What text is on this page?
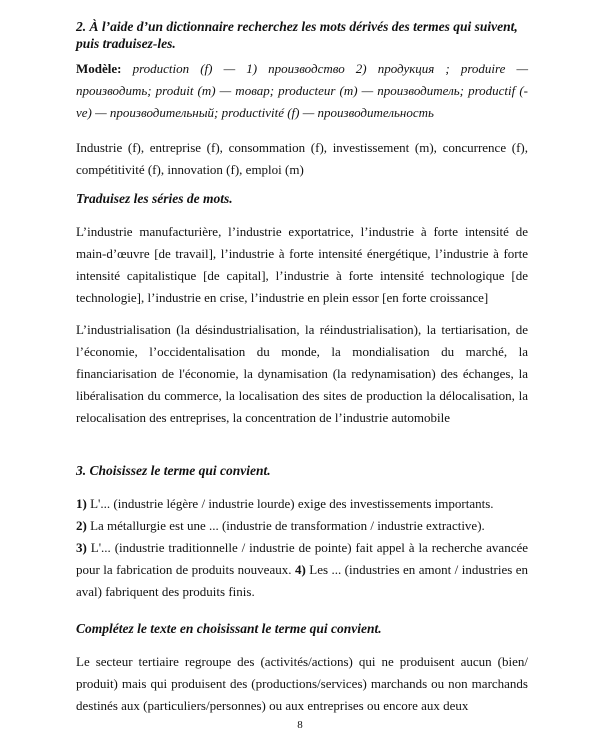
2. À l’aide d’un dictionnaire recherchez les mots dérivés des termes qui suivent, puis traduisez-les.
Modèle: production (f) — 1) производство 2) продукция ; produire — производить; produit (m) — товар; producteur (m) — производитель; productif (-ve) — производительный; productivité (f) — производительность
Industrie (f), entreprise (f), consommation (f), investissement (m), concurrence (f), compétitivité (f), innovation (f), emploi (m)
Traduisez les séries de mots.
L’industrie manufacturière, l’industrie exportatrice, l’industrie à forte intensité de main-d’œuvre [de travail], l’industrie à forte intensité énergétique, l’industrie à forte intensité capitalistique [de capital], l’industrie à forte intensité technologique [de technologie], l’industrie en crise, l’industrie en plein essor [en forte croissance]
L’industrialisation (la désindustrialisation, la réindustrialisation), la tertiarisation, de l’économie, l’occidentalisation du monde, la mondialisation du marché, la financiarisation de l'économie, la dynamisation (la redynamisation) des échanges, la libéralisation du commerce, la localisation des sites de production la délocalisation, la relocalisation des entreprises, la concentration de l’industrie automobile
3. Choisissez le terme qui convient.
1) L'... (industrie légère / industrie lourde) exige des investissements importants.
2) La métallurgie est une ... (industrie de transformation / industrie extractive).
3) L'... (industrie traditionnelle / industrie de pointe) fait appel à la recherche avancée pour la fabrication de produits nouveaux. 4) Les ... (industries en amont / industries en aval) fabriquent des produits finis.
Complétez le texte en choisissant le terme qui convient.
Le secteur tertiaire regroupe des (activités/actions) qui ne produisent aucun (bien/ produit) mais qui produisent des (productions/services) marchands ou non marchands destinés aux (particuliers/personnes) ou aux entreprises ou encore aux deux
8
